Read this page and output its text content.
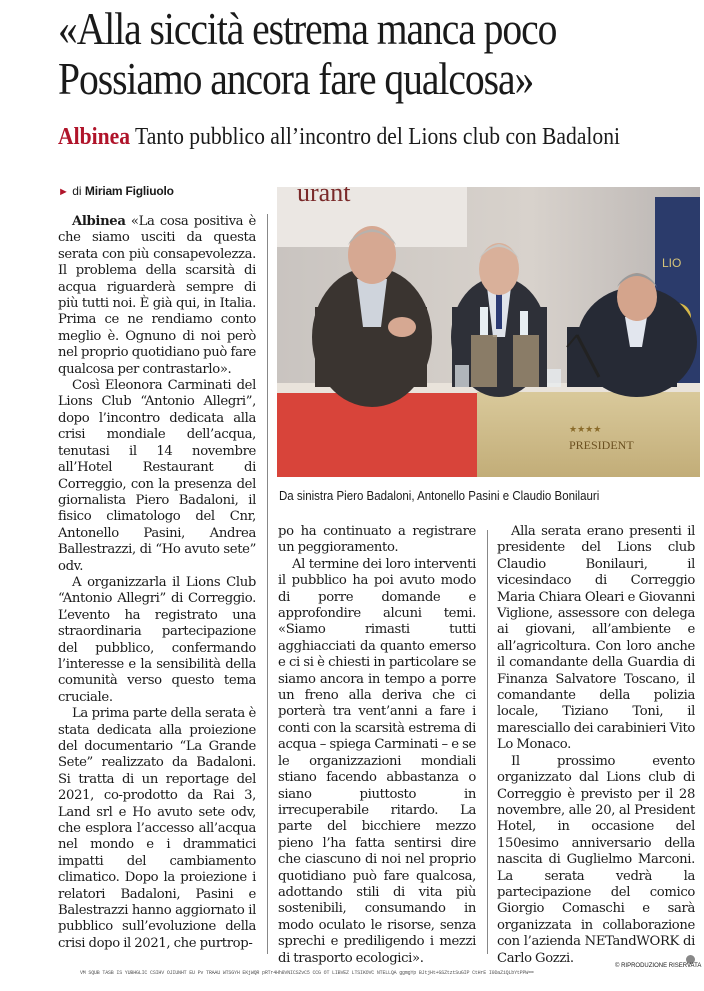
«Alla siccità estrema manca poco
Possiamo ancora fare qualcosa»
Albinea Tanto pubblico all’incontro del Lions club con Badaloni
► di Miriam Figliuolo

Albinea «La cosa positiva è che siamo usciti da questa serata con più consapevolezza. Il problema della scarsità di acqua riguarderà sempre di più tutti noi. È già qui, in Italia. Prima ce ne rendiamo conto meglio è. Ognuno di noi però nel proprio quotidiano può fare qualcosa per contrastarlo».

Così Eleonora Carminati del Lions Club “Antonio Allegri”, dopo l’incontro dedicata alla crisi mondiale dell’acqua, tenutasi il 14 novembre all’Hotel Restaurant di Correggio, con la presenza del giornalista Piero Badaloni, il fisico climatologo del Cnr, Antonello Pasini, Andrea Ballestrazzi, di “Ho avuto sete” odv.

A organizzarla il Lions Club “Antonio Allegri” di Correggio. L’evento ha registrato una straordinaria partecipazione del pubblico, confermando l’interesse e la sensibilità della comunità verso questo tema cruciale.

La prima parte della serata è stata dedicata alla proiezione del documentario “La Grande Sete” realizzato da Badaloni. Si tratta di un reportage del 2021, co-prodotto da Rai 3, Land srl e Ho avuto sete odv, che esplora l’accesso all’acqua nel mondo e i drammatici impatti del cambiamento climatico. Dopo la proiezione i relatori Badaloni, Pasini e Balestrazzi hanno aggiornato il pubblico sull’evoluzione della crisi dopo il 2021, che purtrop-

urant
LIO
★★★★
PRESIDENT
Da sinistra Piero Badaloni, Antonello Pasini e Claudio Bonilauri

po ha continuato a registrare un peggioramento.

Al termine dei loro interventi il pubblico ha poi avuto modo di porre domande e approfondire alcuni temi. «Siamo rimasti tutti agghiacciati da quanto emerso e ci si è chiesti in particolare se siamo ancora in tempo a porre un freno alla deriva che ci porterà tra vent’anni a fare i conti con la scarsità estrema di acqua – spiega Carminati – e se le organizzazioni mondiali stiano facendo abbastanza o siano piuttosto in irrecuperabile ritardo. La parte del bicchiere mezzo pieno l’ha fatta sentirsi dire che ciascuno di noi nel proprio quotidiano può fare qualcosa, adottando stili di vita più sostenibili, consumando in modo oculato le risorse, senza sprechi e prediligendo i mezzi di trasporto ecologici».

Alla serata erano presenti il presidente del Lions club Claudio Bonilauri, il vicesindaco di Correggio Maria Chiara Oleari e Giovanni Viglione, assessore con delega ai giovani, all’ambiente e all’agricoltura. Con loro anche il comandante della Guardia di Finanza Salvatore Toscano, il comandante della polizia locale, Tiziano Toni, il maresciallo dei carabinieri Vito Lo Monaco.

Il prossimo evento organizzato dal Lions club di Correggio è previsto per il 28 novembre, alle 20, al President Hotel, in occasione del 150esimo anniversario della nascita di Guglielmo Marconi. La serata vedrà la partecipazione del comico Giorgio Comaschi e sarà organizzata in collaborazione con l’azienda NETandWORK di Carlo Gozzi.

© RIPRODUZIONE RISERVATA
VM SQUB TASB IS YUBHGLIC CSIHV OJIUNHT EU Pv TRAAU WTSGYH EKjWQR pRTr4Hh8VNICSZvC5 CCG OT LIBVEZ LTSIKOVC NTELLQA ggmgYp BJtjHt+GSZtztSuGIP CtHrE I0DaZiQLbYtPPW==
